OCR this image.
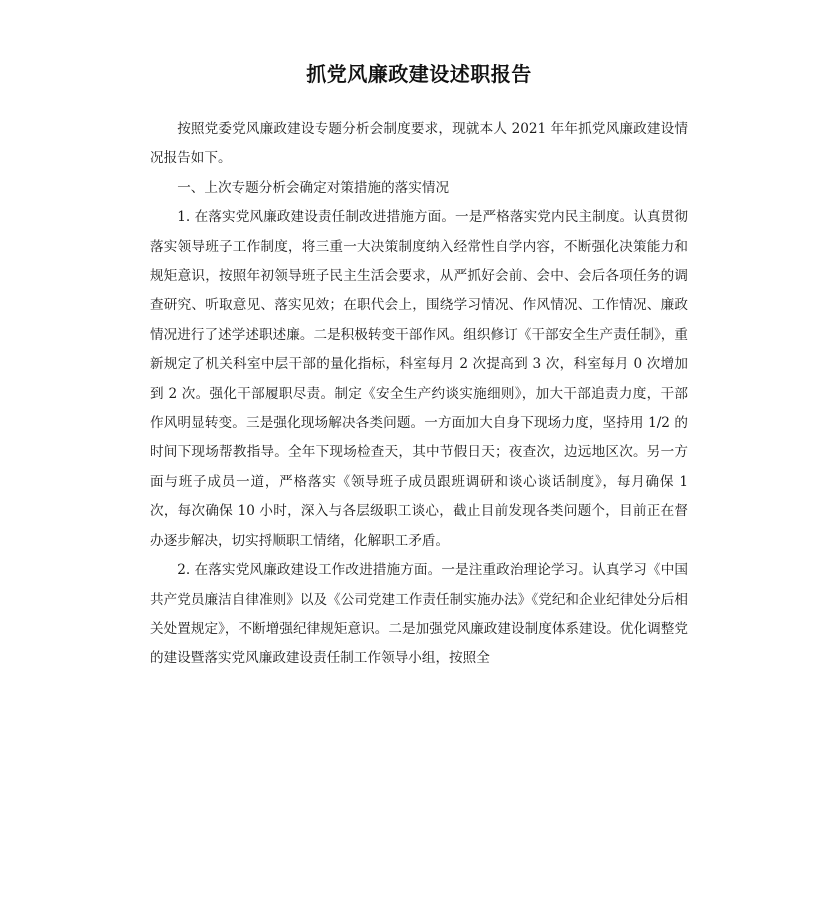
抓党风廉政建设述职报告

按照党委党风廉政建设专题分析会制度要求，现就本人 2021 年年抓党风廉政建设情况报告如下。

一、上次专题分析会确定对策措施的落实情况

1. 在落实党风廉政建设责任制改进措施方面。一是严格落实党内民主制度。认真贯彻落实领导班子工作制度，将三重一大决策制度纳入经常性自学内容，不断强化决策能力和规矩意识，按照年初领导班子民主生活会要求，从严抓好会前、会中、会后各项任务的调查研究、听取意见、落实见效；在职代会上，围绕学习情况、作风情况、工作情况、廉政情况进行了述学述职述廉。二是积极转变干部作风。组织修订《干部安全生产责任制》，重新规定了机关科室中层干部的量化指标，科室每月 2 次提高到 3 次，科室每月 0 次增加到 2 次。强化干部履职尽责。制定《安全生产约谈实施细则》，加大干部追责力度，干部作风明显转变。三是强化现场解决各类问题。一方面加大自身下现场力度，坚持用 1/2 的时间下现场帮教指导。全年下现场检查天，其中节假日天；夜查次，边远地区次。另一方面与班子成员一道，严格落实《领导班子成员跟班调研和谈心谈话制度》，每月确保 1 次，每次确保 10 小时，深入与各层级职工谈心，截止目前发现各类问题个，目前正在督办逐步解决，切实捋顺职工情绪，化解职工矛盾。

2. 在落实党风廉政建设工作改进措施方面。一是注重政治理论学习。认真学习《中国共产党员廉洁自律准则》以及《公司党建工作责任制实施办法》《党纪和企业纪律处分后相关处置规定》，不断增强纪律规矩意识。二是加强党风廉政建设制度体系建设。优化调整党的建设暨落实党风廉政建设责任制工作领导小组，按照全
